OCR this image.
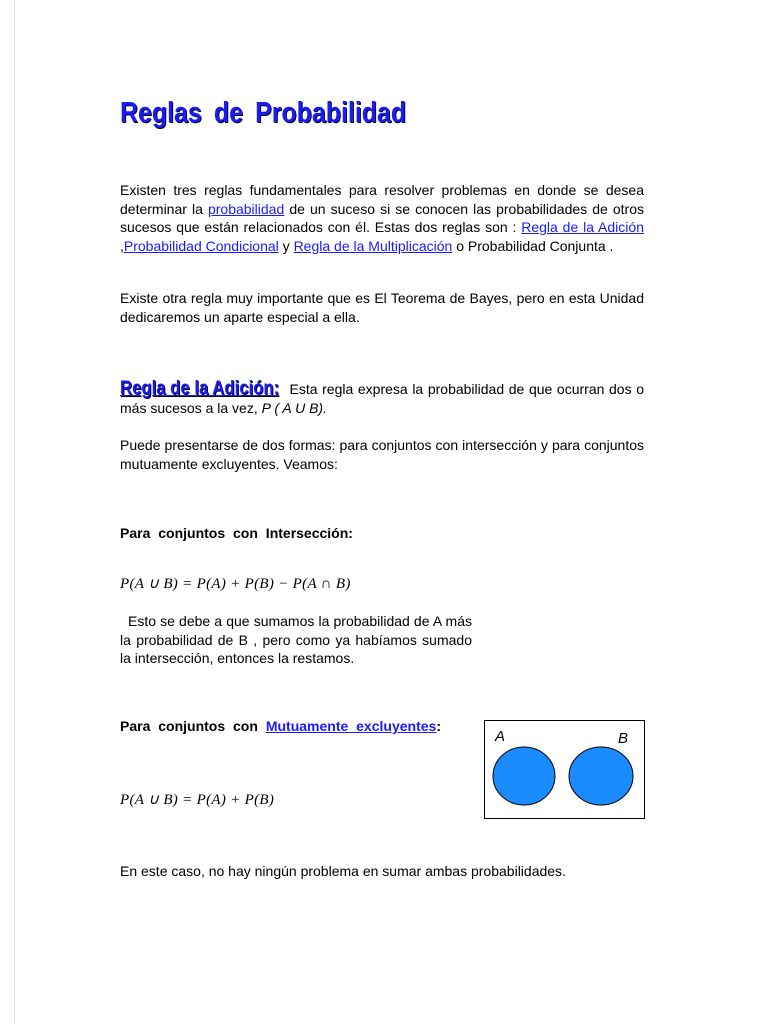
Reglas de Probabilidad

Existen tres reglas fundamentales para resolver problemas en donde se desea determinar la probabilidad de un suceso si se conocen las probabilidades de otros sucesos que están relacionados con él. Estas dos reglas son : Regla de la Adición ,Probabilidad Condicional y Regla de la Multiplicación o Probabilidad Conjunta .

Existe otra regla muy importante que es El Teorema de Bayes, pero en esta Unidad dedicaremos un aparte especial a ella.

Regla de la Adición: Esta regla expresa la probabilidad de que ocurran dos o más sucesos a la vez, P ( A U B).

Puede presentarse de dos formas: para conjuntos con intersección y para conjuntos mutuamente excluyentes. Veamos:

Para conjuntos con Intersección:

P(A ∪ B) = P(A) + P(B) − P(A ∩ B)

Esto se debe a que sumamos la probabilidad de A más la probabilidad de B , pero como ya habíamos sumado la intersección, entonces la restamos.

Para conjuntos con Mutuamente excluyentes:

P(A ∪ B) = P(A) + P(B)
A	B

En este caso, no hay ningún problema en sumar ambas probabilidades.
